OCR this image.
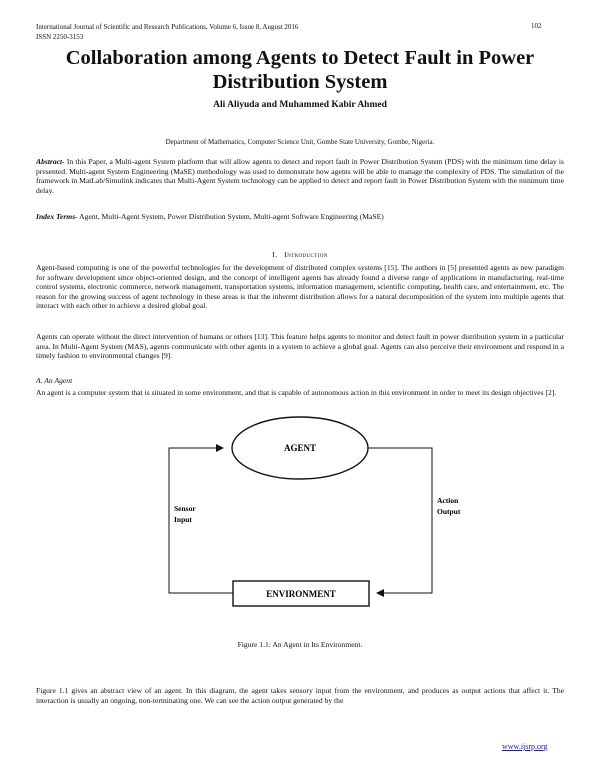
International Journal of Scientific and Research Publications, Volume 6, Issue 8, August 2016
ISSN 2250-3153
102
Collaboration among Agents to Detect Fault in Power Distribution System
Ali Aliyuda and Muhammed Kabir Ahmed
Department of Mathematics, Computer Science Unit, Gombe State University, Gombe, Nigeria.

Abstract- In this Paper, a Multi-agent System platform that will allow agents to detect and report fault in Power Distribution System (PDS) with the minimum time delay is presented. Multi-agent System Engineering (MaSE) methodology was used to demonstrate how agents will be able to manage the complexity of PDS. The simulation of the framework in MatLab/Simulink indicates that Multi-Agent System technology can be applied to detect and report fault in Power Distribution System with the minimum time delay.

Index Terms- Agent, Multi-Agent System, Power Distribution System, Multi-agent Software Engineering (MaSE)

I. Introduction

Agent-based computing is one of the powerful technologies for the development of distributed complex systems [15]. The authors in [5] presented agents as new paradigm for software development since object-oriented design, and the concept of intelligent agents has already found a diverse range of applications in manufacturing, real-time control systems, electronic commerce, network management, transportation systems, information management, scientific computing, health care, and entertainment, etc. The reason for the growing success of agent technology in these areas is that the inherent distribution allows for a natural decomposition of the system into multiple agents that interact with each other to achieve a desired global goal.

Agents can operate without the direct intervention of humans or others [13]. This feature helps agents to monitor and detect fault in power distribution system in a particular area. In Multi-Agent System (MAS), agents communicate with other agents in a system to achieve a global goal. Agents can also perceive their environment and respond in a timely fashion to environmental changes [9].

A. An Agent

An agent is a computer system that is situated in some environment, and that is capable of autonomous action in this environment in order to meet its design objectives [2].

AGENT
ENVIRONMENT
Sensor
Input
Action
Output
Figure 1.1: An Agent in Its Environment.

Figure 1.1 gives an abstract view of an agent. In this diagram, the agent takes sensory input from the environment, and produces as output actions that affect it. The interaction is usually an ongoing, non-terminating one. We can see the action output generated by the

www.ijsrp.org
